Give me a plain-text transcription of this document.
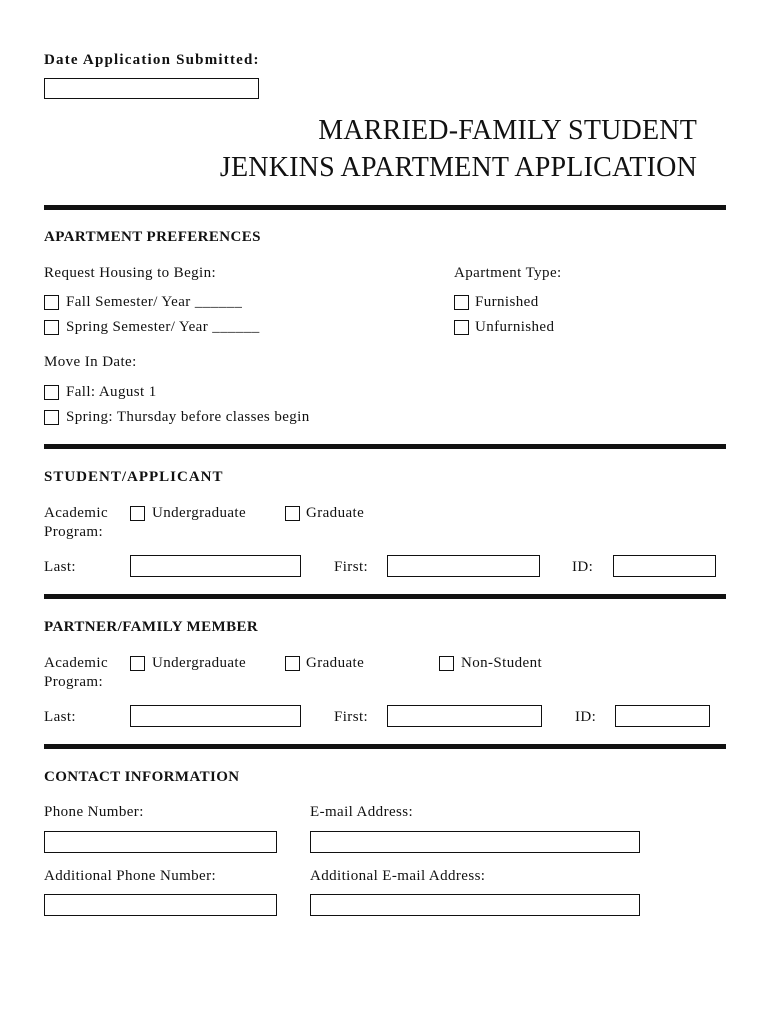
Date Application Submitted:
MARRIED-FAMILY STUDENT
JENKINS APARTMENT APPLICATION
APARTMENT PREFERENCES
Request Housing to Begin:	Apartment Type:
Fall Semester/ Year ______	Furnished
Spring Semester/ Year ______	Unfurnished
Move In Date:
Fall: August 1
Spring: Thursday before classes begin
STUDENT/APPLICANT
Academic
Program:
Undergraduate	Graduate
Last:	First:	ID:
PARTNER/FAMILY MEMBER
Academic
Program:
Undergraduate	Graduate	Non-Student
Last:	First:	ID:
CONTACT INFORMATION
Phone Number:	E-mail Address:
Additional Phone Number:	Additional E-mail Address:
